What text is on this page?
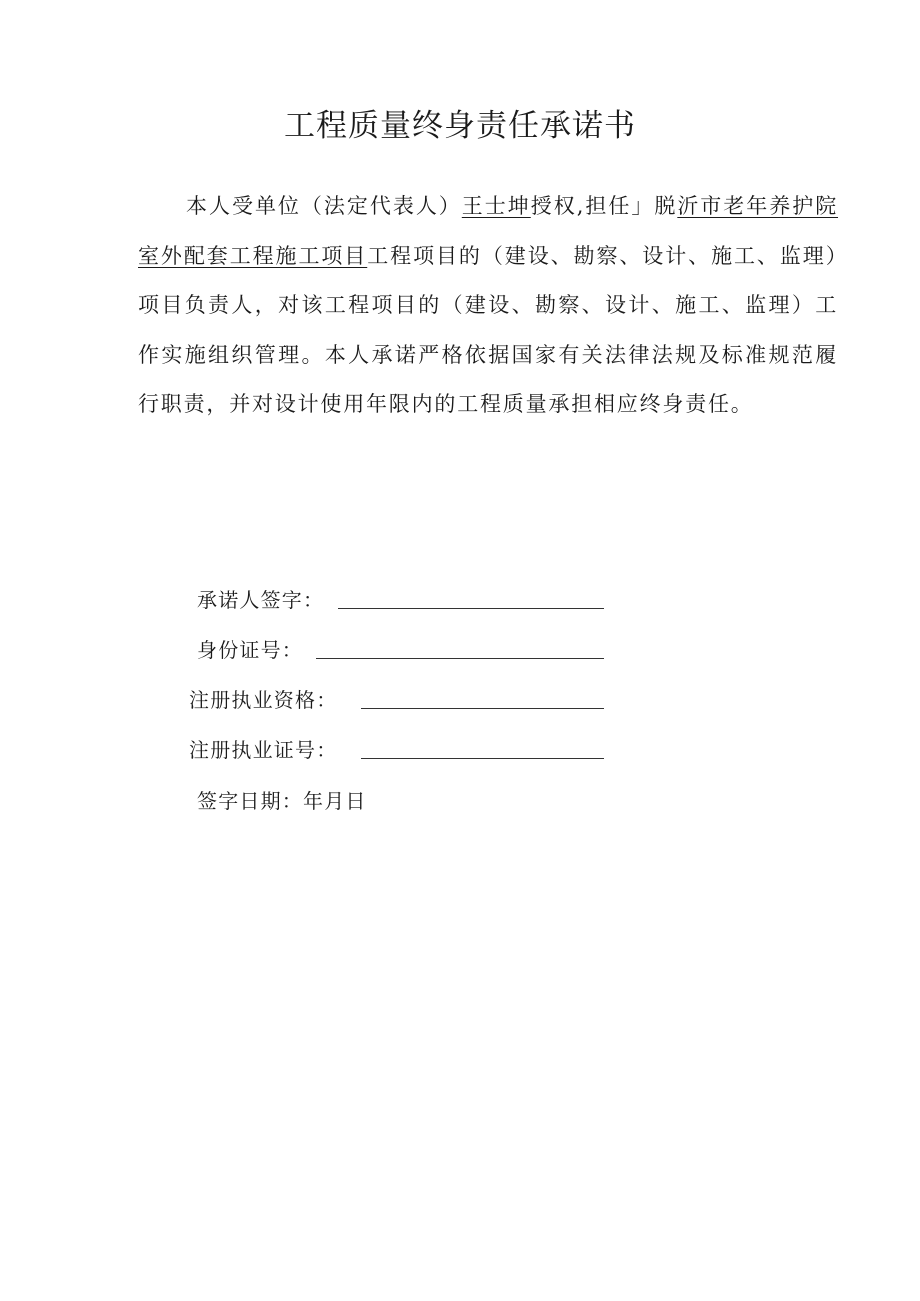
工程质量终身责任承诺书

本人受单位（法定代表人）王士坤授权,担任」脱沂市老年养护院室外配套工程施工项目工程项目的（建设、勘察、设计、施工、监理）项目负责人，对该工程项目的（建设、勘察、设计、施工、监理）工作实施组织管理。本人承诺严格依据国家有关法律法规及标准规范履行职责，并对设计使用年限内的工程质量承担相应终身责任。

承诺人签字：
身份证号：
注册执业资格：
注册执业证号：
签字日期：年月日
